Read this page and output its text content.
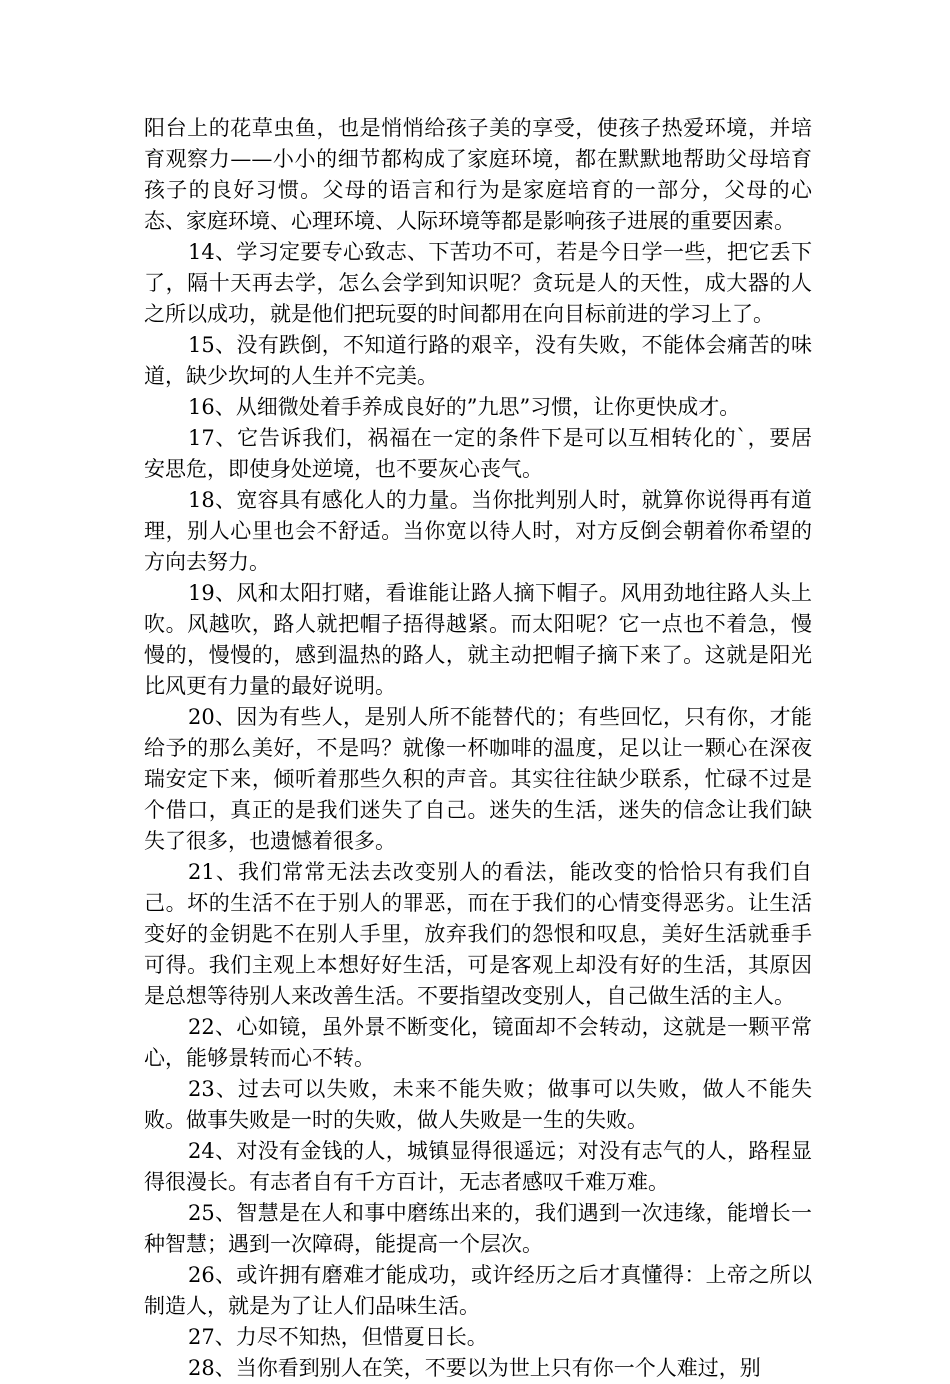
阳台上的花草虫鱼，也是悄悄给孩子美的享受，使孩子热爱环境，并培育观察力——小小的细节都构成了家庭环境，都在默默地帮助父母培育孩子的良好习惯。父母的语言和行为是家庭培育的一部分，父母的心态、家庭环境、心理环境、人际环境等都是影响孩子进展的重要因素。

14、学习定要专心致志、下苦功不可，若是今日学一些，把它丢下了，隔十天再去学，怎么会学到知识呢？贪玩是人的天性，成大器的人之所以成功，就是他们把玩耍的时间都用在向目标前进的学习上了。

15、没有跌倒，不知道行路的艰辛，没有失败，不能体会痛苦的味道，缺少坎坷的人生并不完美。

16、从细微处着手养成良好的”九思”习惯，让你更快成才。

17、它告诉我们，祸福在一定的条件下是可以互相转化的`，要居安思危，即使身处逆境，也不要灰心丧气。

18、宽容具有感化人的力量。当你批判别人时，就算你说得再有道理，别人心里也会不舒适。当你宽以待人时，对方反倒会朝着你希望的方向去努力。

19、风和太阳打赌，看谁能让路人摘下帽子。风用劲地往路人头上吹。风越吹，路人就把帽子捂得越紧。而太阳呢？它一点也不着急，慢慢的，慢慢的，感到温热的路人，就主动把帽子摘下来了。这就是阳光比风更有力量的最好说明。

20、因为有些人，是别人所不能替代的；有些回忆，只有你，才能给予的那么美好，不是吗？就像一杯咖啡的温度，足以让一颗心在深夜瑞安定下来，倾听着那些久积的声音。其实往往缺少联系，忙碌不过是个借口，真正的是我们迷失了自己。迷失的生活，迷失的信念让我们缺失了很多，也遗憾着很多。

21、我们常常无法去改变别人的看法，能改变的恰恰只有我们自己。坏的生活不在于别人的罪恶，而在于我们的心情变得恶劣。让生活变好的金钥匙不在别人手里，放弃我们的怨恨和叹息，美好生活就垂手可得。我们主观上本想好好生活，可是客观上却没有好的生活，其原因是总想等待别人来改善生活。不要指望改变别人，自己做生活的主人。

22、心如镜，虽外景不断变化，镜面却不会转动，这就是一颗平常心，能够景转而心不转。

23、过去可以失败，未来不能失败；做事可以失败，做人不能失败。做事失败是一时的失败，做人失败是一生的失败。

24、对没有金钱的人，城镇显得很遥远；对没有志气的人，路程显得很漫长。有志者自有千方百计，无志者感叹千难万难。

25、智慧是在人和事中磨练出来的，我们遇到一次违缘，能增长一种智慧；遇到一次障碍，能提高一个层次。

26、或许拥有磨难才能成功，或许经历之后才真懂得：上帝之所以制造人，就是为了让人们品味生活。

27、力尽不知热，但惜夏日长。

28、当你看到别人在笑，不要以为世上只有你一个人难过，别
